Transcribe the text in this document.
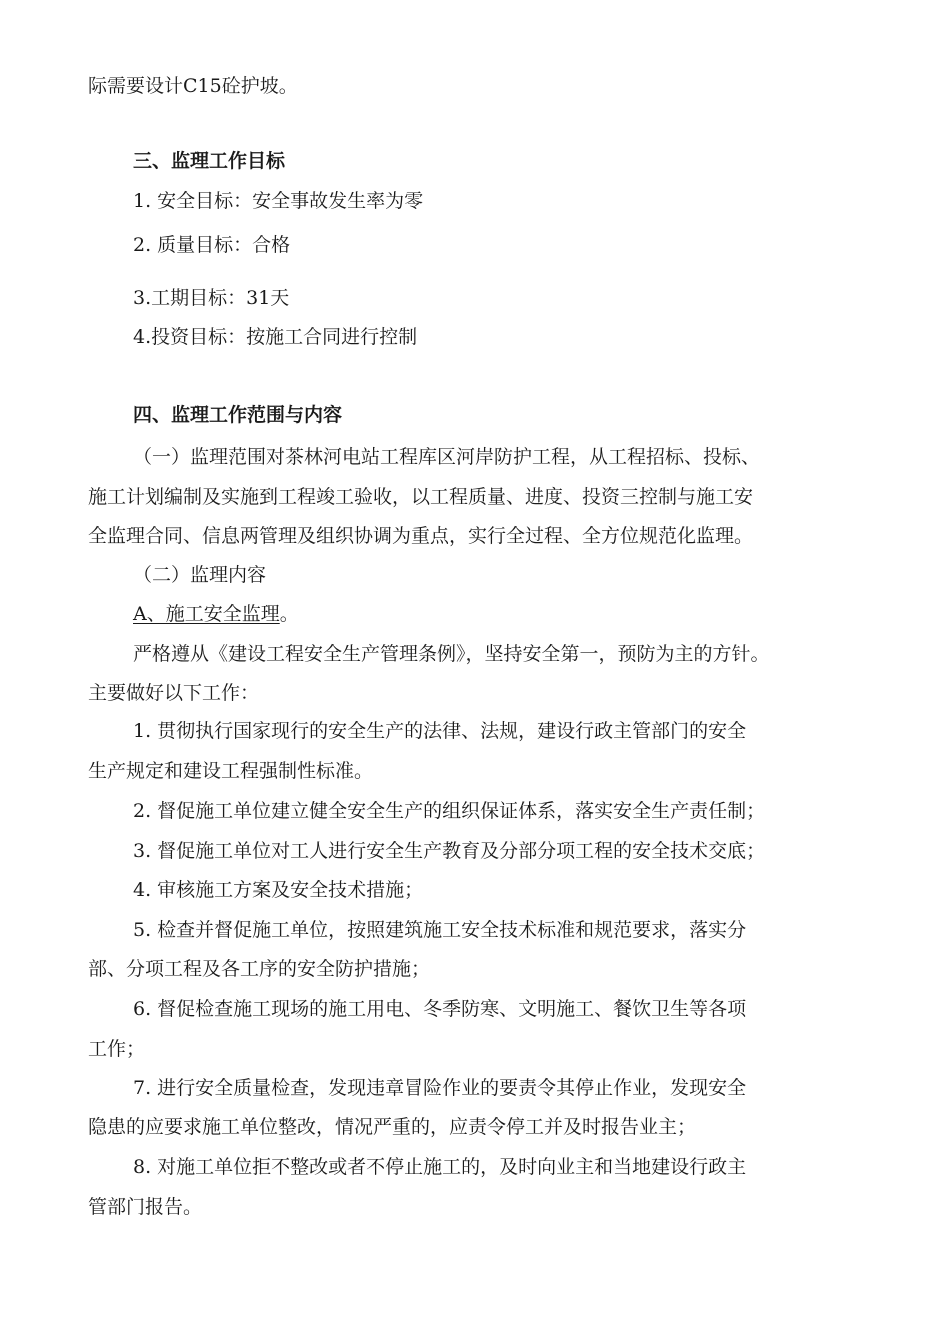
际需要设计C15砼护坡。
三、监理工作目标
1. 安全目标：安全事故发生率为零
2. 质量目标：合格
3.工期目标：31天
4.投资目标：按施工合同进行控制
四、监理工作范围与内容
（一）监理范围对茶林河电站工程库区河岸防护工程，从工程招标、投标、
施工计划编制及实施到工程竣工验收，以工程质量、进度、投资三控制与施工安
全监理合同、信息两管理及组织协调为重点，实行全过程、全方位规范化监理。
（二）监理内容
A、施工安全监理。
严格遵从《建设工程安全生产管理条例》，坚持安全第一，预防为主的方针。
主要做好以下工作：
1. 贯彻执行国家现行的安全生产的法律、法规，建设行政主管部门的安全
生产规定和建设工程强制性标准。
2. 督促施工单位建立健全安全生产的组织保证体系，落实安全生产责任制；
3. 督促施工单位对工人进行安全生产教育及分部分项工程的安全技术交底；
4. 审核施工方案及安全技术措施；
5. 检查并督促施工单位，按照建筑施工安全技术标准和规范要求，落实分
部、分项工程及各工序的安全防护措施；
6. 督促检查施工现场的施工用电、冬季防寒、文明施工、餐饮卫生等各项
工作；
7. 进行安全质量检查，发现违章冒险作业的要责令其停止作业，发现安全
隐患的应要求施工单位整改，情况严重的，应责令停工并及时报告业主；
8. 对施工单位拒不整改或者不停止施工的，及时向业主和当地建设行政主
管部门报告。
